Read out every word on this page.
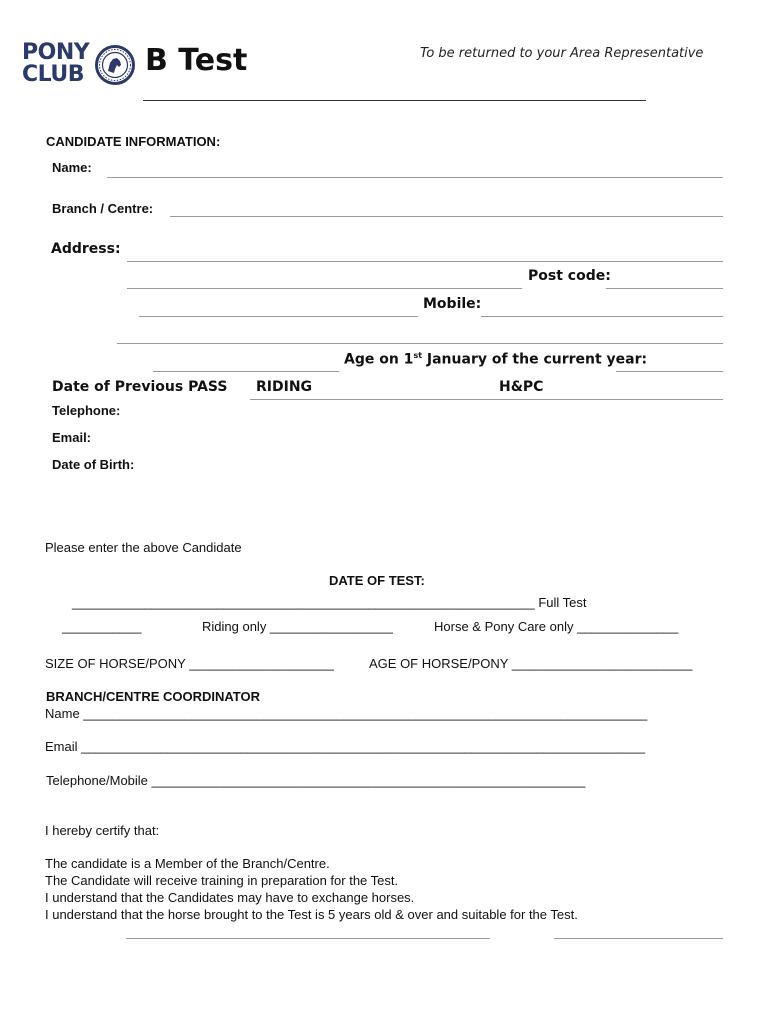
PONY
CLUB B Test	To be returned to your Area Representative
CANDIDATE INFORMATION:
Name:
Branch / Centre:
Address:
Post code:
Mobile:
Age on 1st January of the current year:
Date of Previous PASS RIDING	H&PC
Telephone:
Email:
Date of Birth:
Please enter the above Candidate
DATE OF TEST:
________________________________________________________________ Full Test
___________	Riding only _________________	Horse & Pony Care only ______________
SIZE OF HORSE/PONY ____________________	AGE OF HORSE/PONY _________________________
BRANCH/CENTRE COORDINATOR
Name ______________________________________________________________________________
Email ______________________________________________________________________________
Telephone/Mobile ____________________________________________________________
I hereby certify that:
The candidate is a Member of the Branch/Centre.
The Candidate will receive training in preparation for the Test.
I understand that the Candidates may have to exchange horses.
I understand that the horse brought to the Test is 5 years old & over and suitable for the Test.
